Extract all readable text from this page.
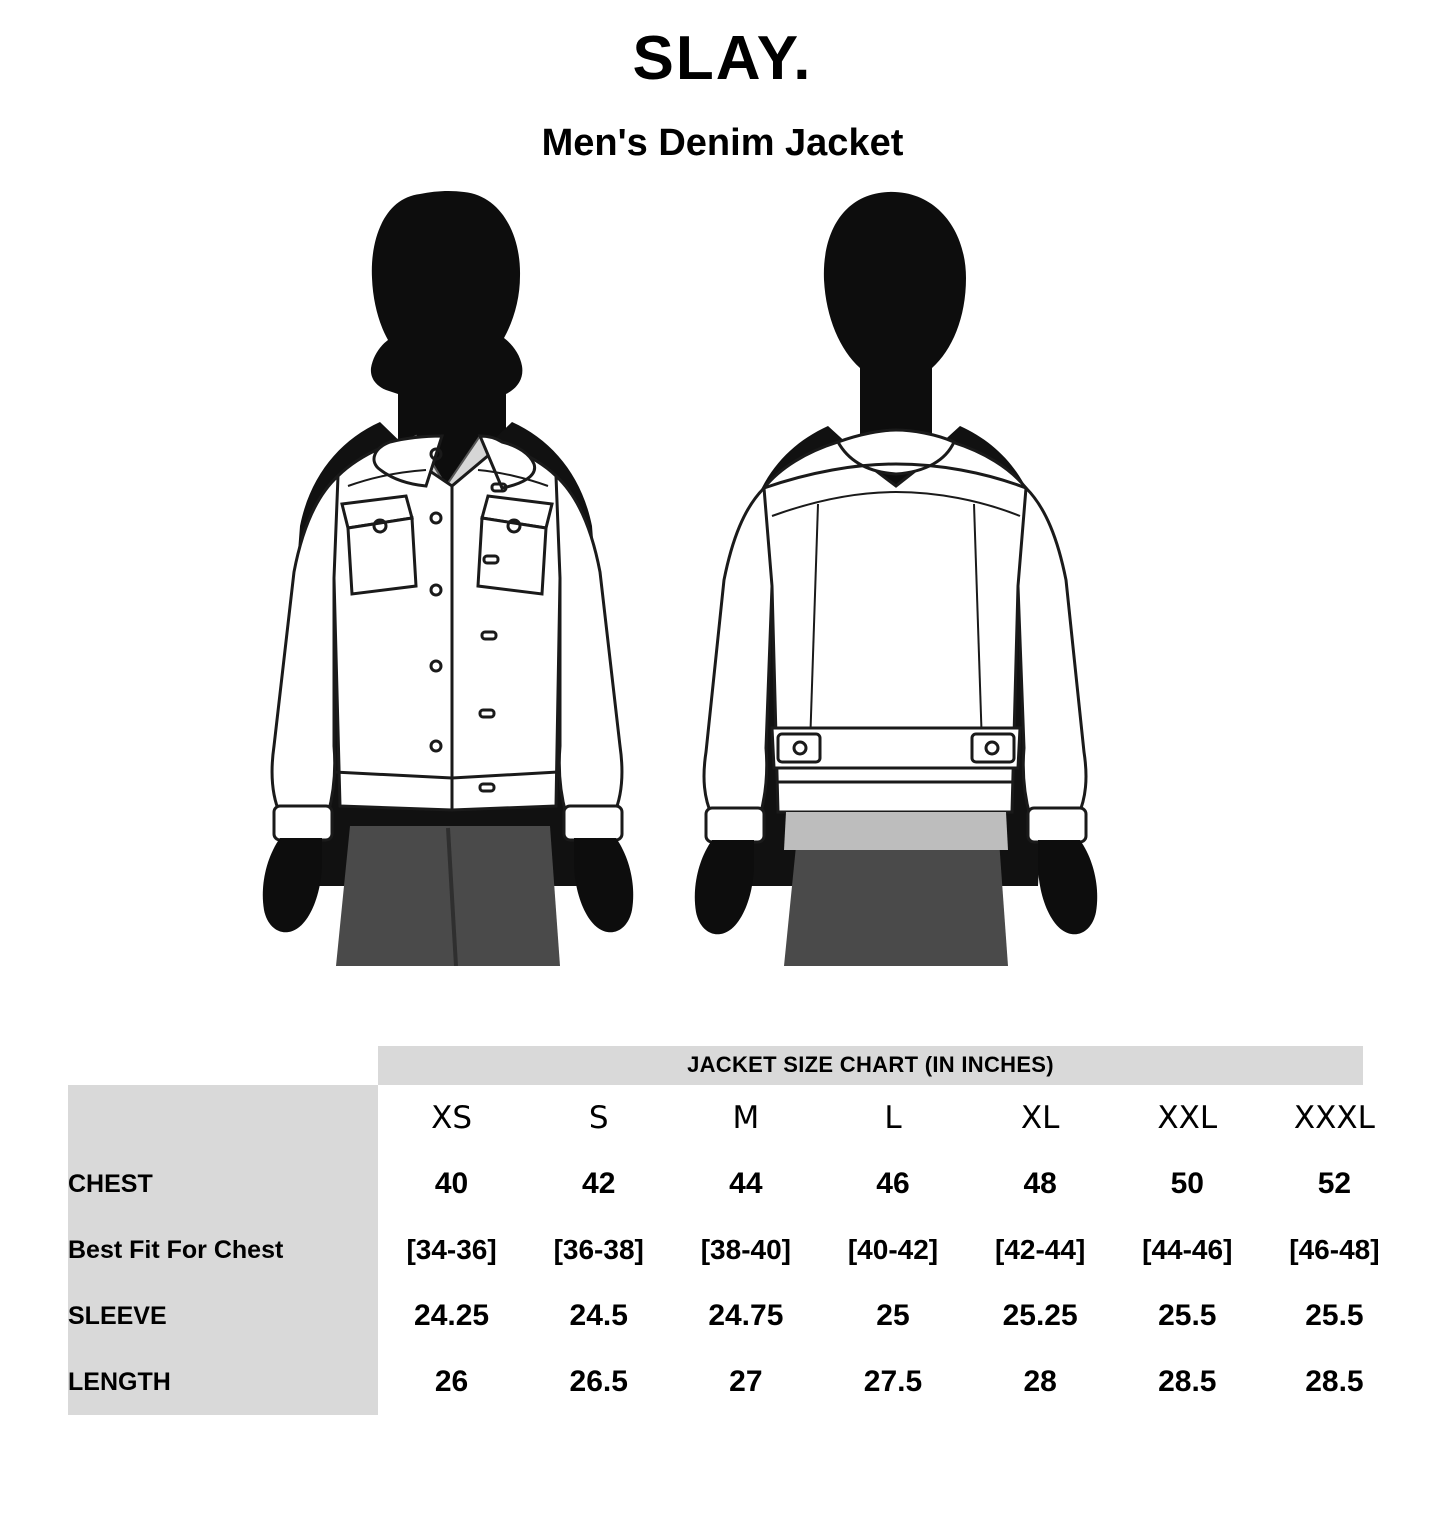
SLAY.
Men's Denim Jacket
JACKET SIZE CHART (IN INCHES)
	XS	S	M	L	XL	XXL	XXXL
CHEST	40	42	44	46	48	50	52
Best Fit For Chest	[34-36]	[36-38]	[38-40]	[40-42]	[42-44]	[44-46]	[46-48]
SLEEVE	24.25	24.5	24.75	25	25.25	25.5	25.5
LENGTH	26	26.5	27	27.5	28	28.5	28.5
